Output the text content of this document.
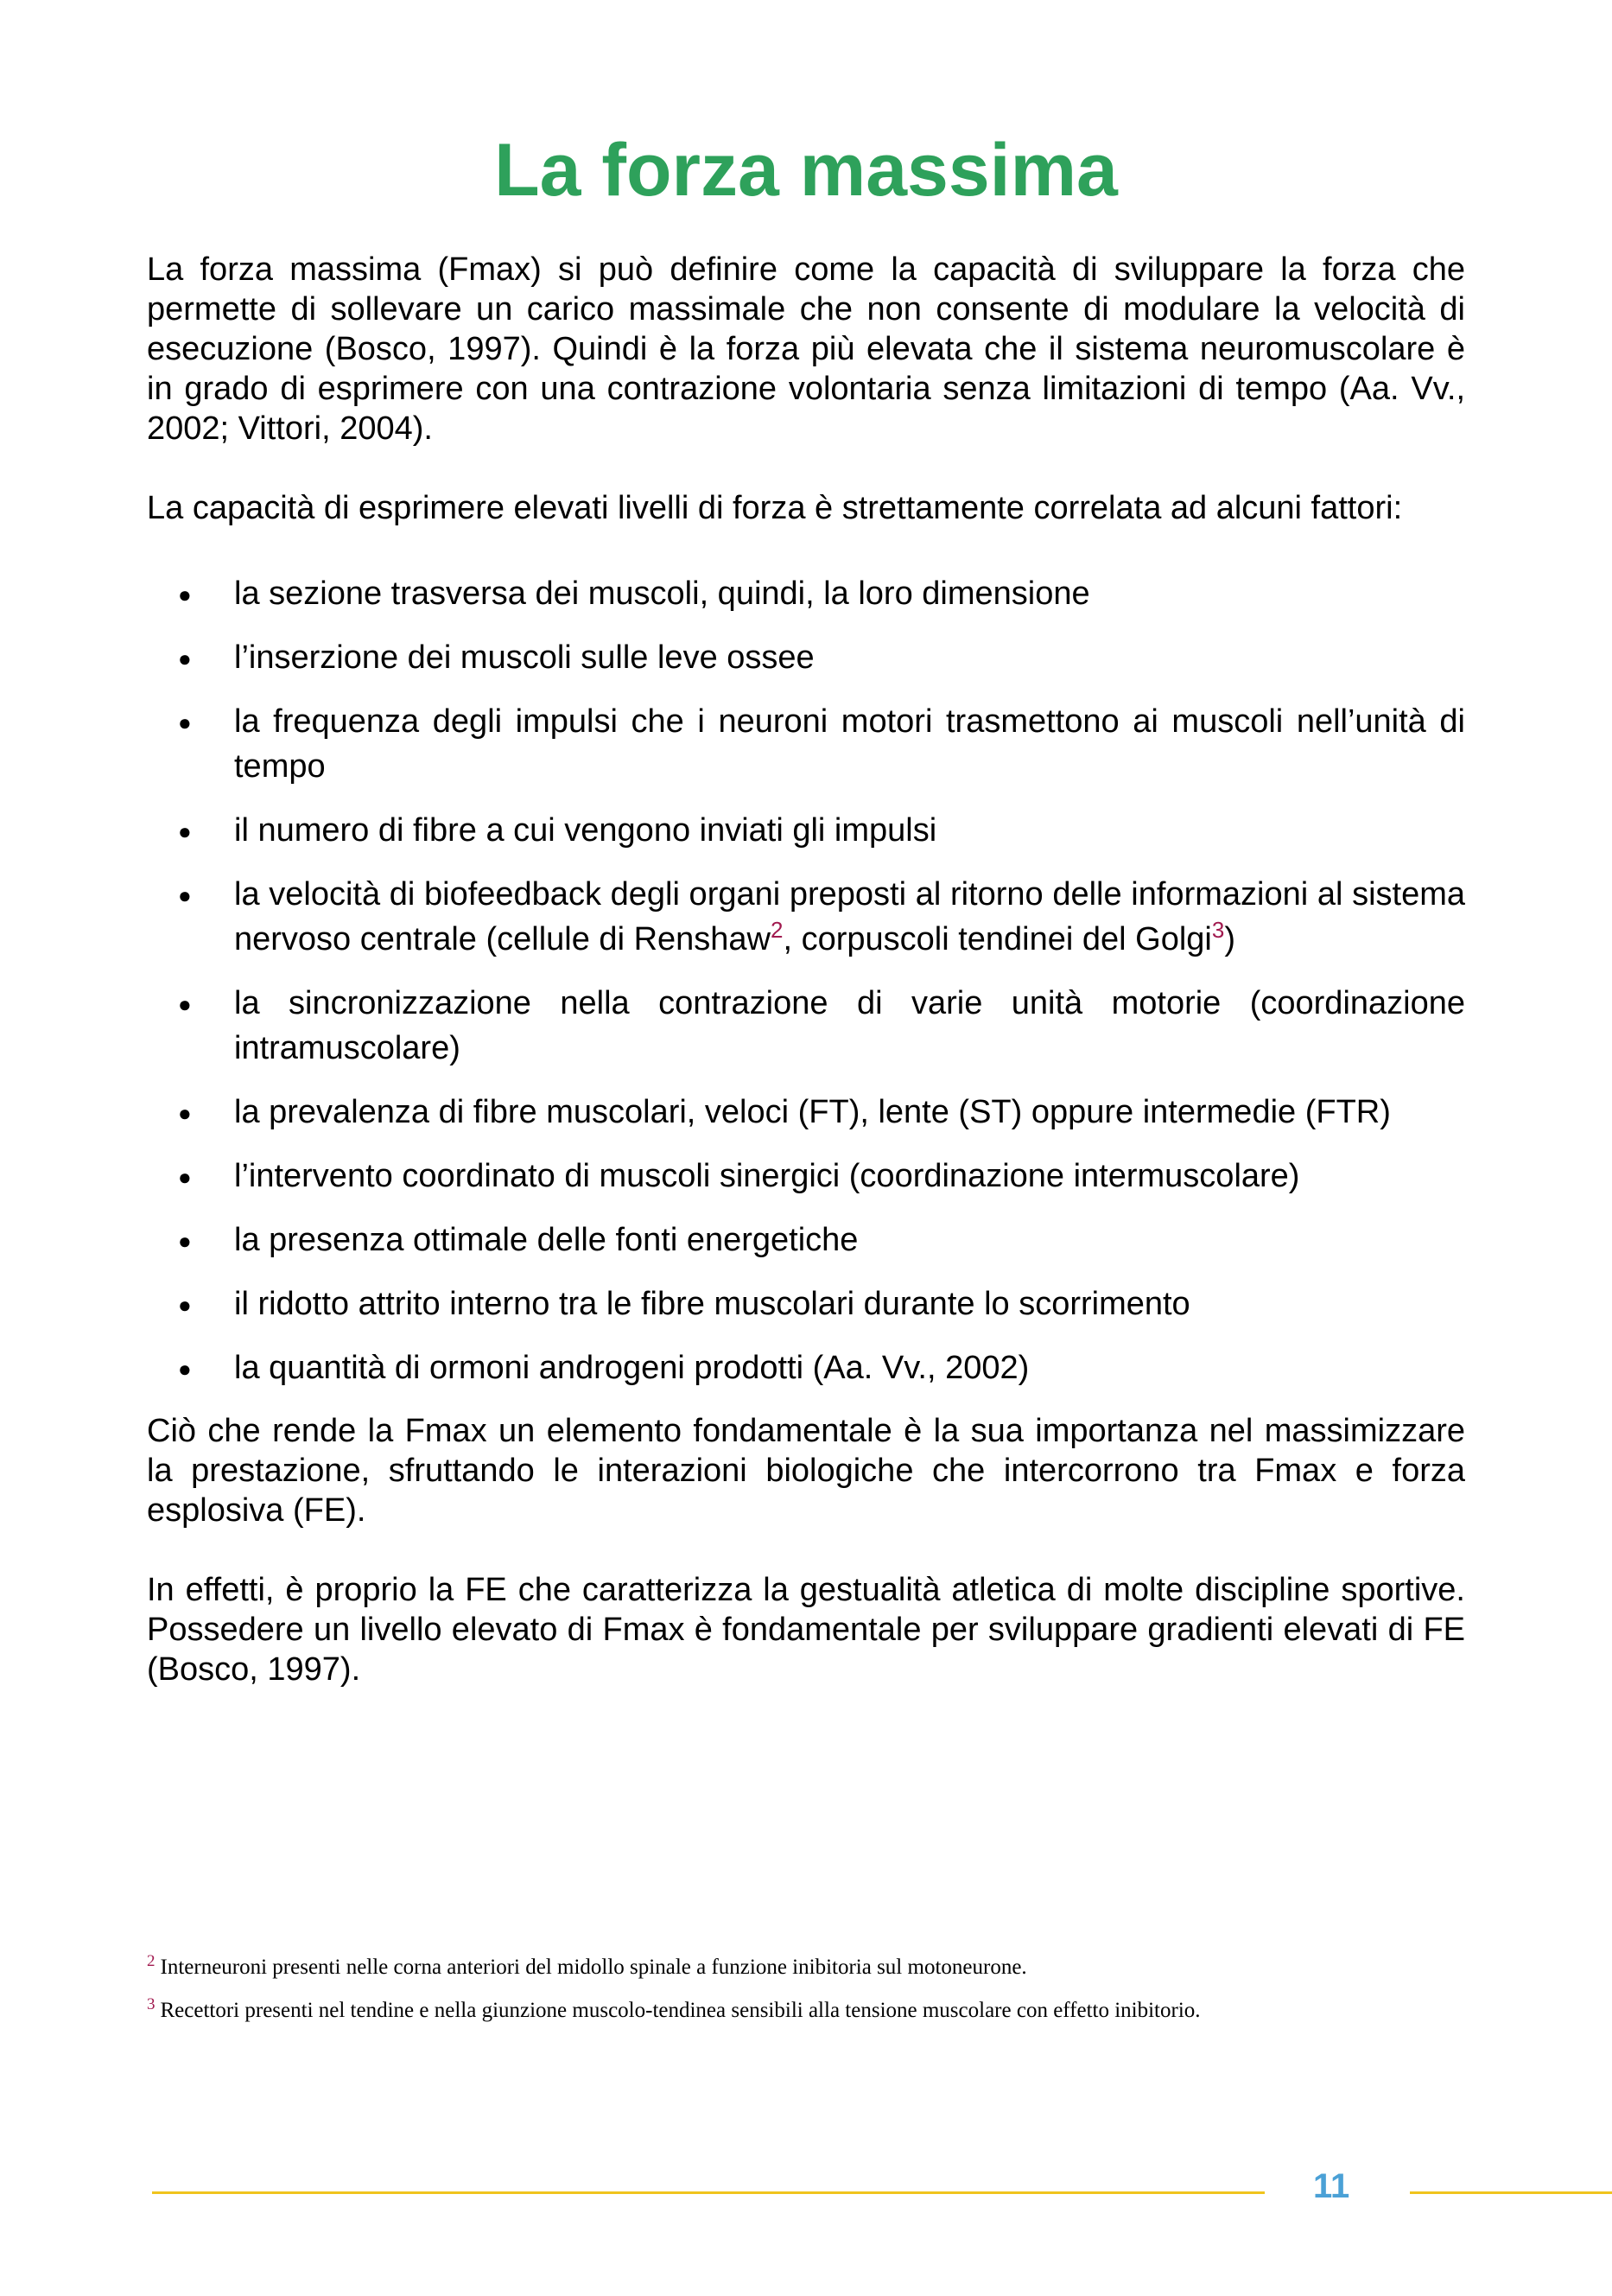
La forza massima

La forza massima (Fmax) si può definire come la capacità di sviluppare la forza che permette di sollevare un carico massimale che non consente di modulare la velocità di esecuzione (Bosco, 1997). Quindi è la forza più elevata che il sistema neuromuscolare è in grado di esprimere con una contrazione volontaria senza limitazioni di tempo (Aa. Vv., 2002; Vittori, 2004).

La capacità di esprimere elevati livelli di forza è strettamente correlata ad alcuni fattori:

● la sezione trasversa dei muscoli, quindi, la loro dimensione
● l’inserzione dei muscoli sulle leve ossee
● la frequenza degli impulsi che i neuroni motori trasmettono ai muscoli nell’unità di tempo
● il numero di fibre a cui vengono inviati gli impulsi
● la velocità di biofeedback degli organi preposti al ritorno delle informazioni al sistema nervoso centrale (cellule di Renshaw$^2$, corpuscoli tendinei del Golgi$^3$)
● la sincronizzazione nella contrazione di varie unità motorie (coordinazione intramuscolare)
● la prevalenza di fibre muscolari, veloci (FT), lente (ST) oppure intermedie (FTR)
● l’intervento coordinato di muscoli sinergici (coordinazione intermuscolare)
● la presenza ottimale delle fonti energetiche
● il ridotto attrito interno tra le fibre muscolari durante lo scorrimento
● la quantità di ormoni androgeni prodotti (Aa. Vv., 2002)

Ciò che rende la Fmax un elemento fondamentale è la sua importanza nel massimizzare la prestazione, sfruttando le interazioni biologiche che intercorrono tra Fmax e forza esplosiva (FE).

In effetti, è proprio la FE che caratterizza la gestualità atletica di molte discipline sportive. Possedere un livello elevato di Fmax è fondamentale per sviluppare gradienti elevati di FE (Bosco, 1997).

$^2$ Interneuroni presenti nelle corna anteriori del midollo spinale a funzione inibitoria sul motoneurone.
$^3$ Recettori presenti nel tendine e nella giunzione muscolo-tendinea sensibili alla tensione muscolare con effetto inibitorio.
11
